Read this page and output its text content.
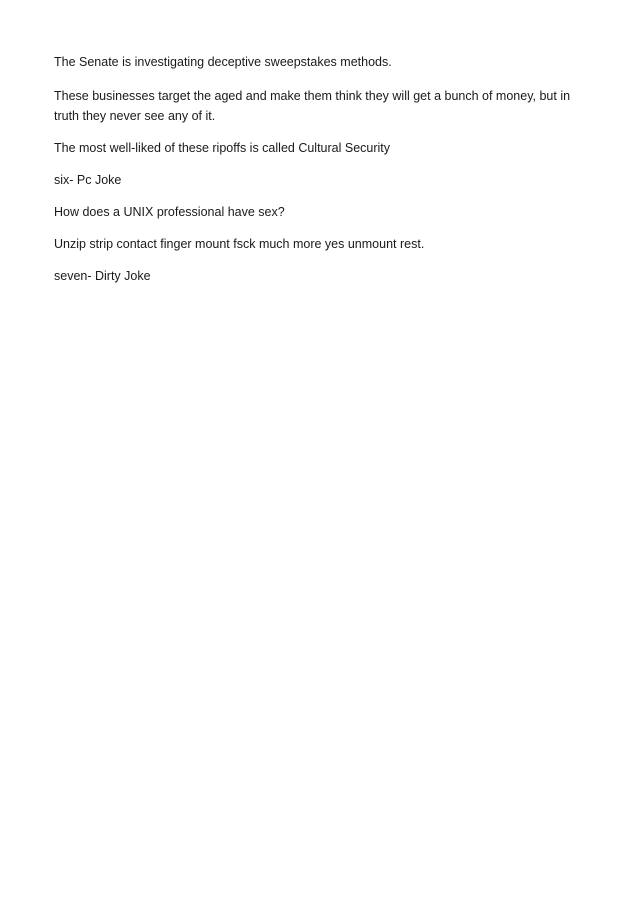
The Senate is investigating deceptive sweepstakes methods.

These businesses target the aged and make them think they will get a bunch of money, but in truth they never see any of it.

The most well-liked of these ripoffs is called Cultural Security

six- Pc Joke

How does a UNIX professional have sex?

Unzip strip contact finger mount fsck much more yes unmount rest.

seven- Dirty Joke
